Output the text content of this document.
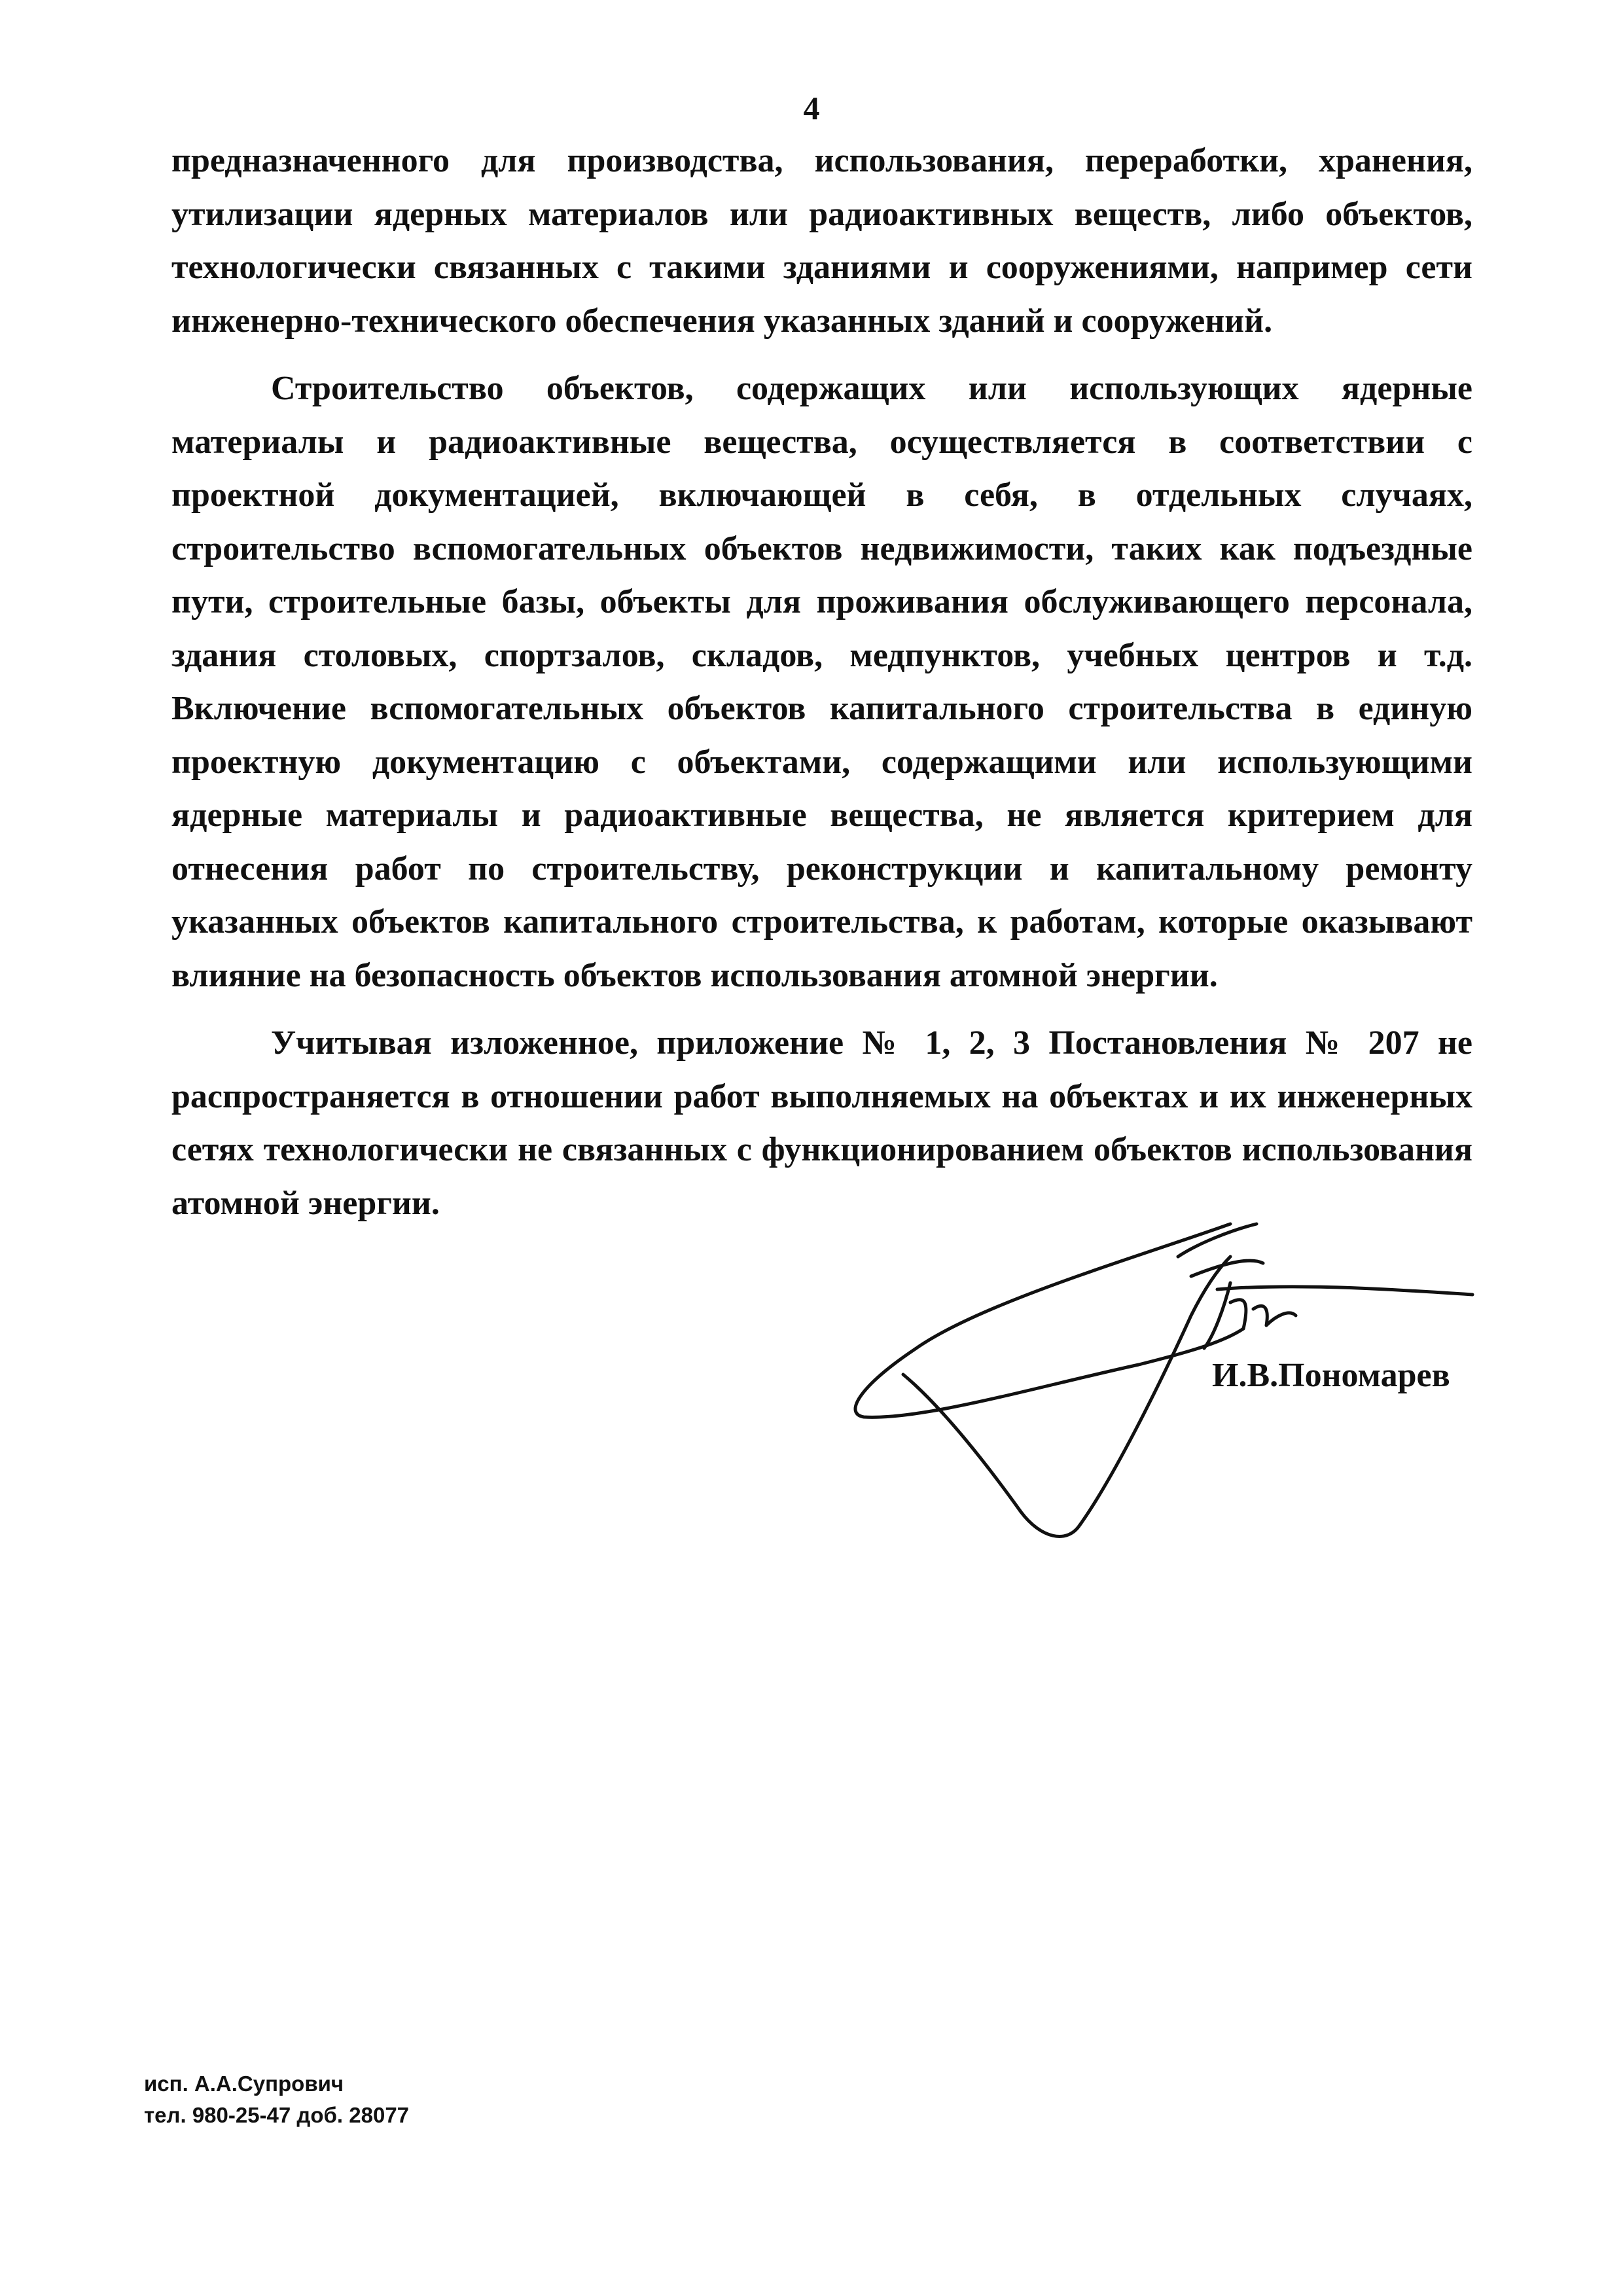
4

предназначенного для производства, использования, переработки, хранения, утилизации ядерных материалов или радиоактивных веществ, либо объектов, технологически связанных с такими зданиями и сооружениями, например сети инженерно-технического обеспечения указанных зданий и сооружений.

Строительство объектов, содержащих или использующих ядерные материалы и радиоактивные вещества, осуществляется в соответствии с проектной документацией, включающей в себя, в отдельных случаях, строительство вспомогательных объектов недвижимости, таких как подъездные пути, строительные базы, объекты для проживания обслуживающего персонала, здания столовых, спортзалов, складов, медпунктов, учебных центров и т.д. Включение вспомогательных объектов капитального строительства в единую проектную документацию с объектами, содержащими или использующими ядерные материалы и радиоактивные вещества, не является критерием для отнесения работ по строительству, реконструкции и капитальному ремонту указанных объектов капитального строительства, к работам, которые оказывают влияние на безопасность объектов использования атомной энергии.

Учитывая изложенное, приложение № 1, 2, 3 Постановления № 207 не распространяется в отношении работ выполняемых на объектах и их инженерных сетях технологически не связанных с функционированием объектов использования атомной энергии.

И.В.Пономарев
исп. А.А.Супрович
тел. 980-25-47 доб. 28077
